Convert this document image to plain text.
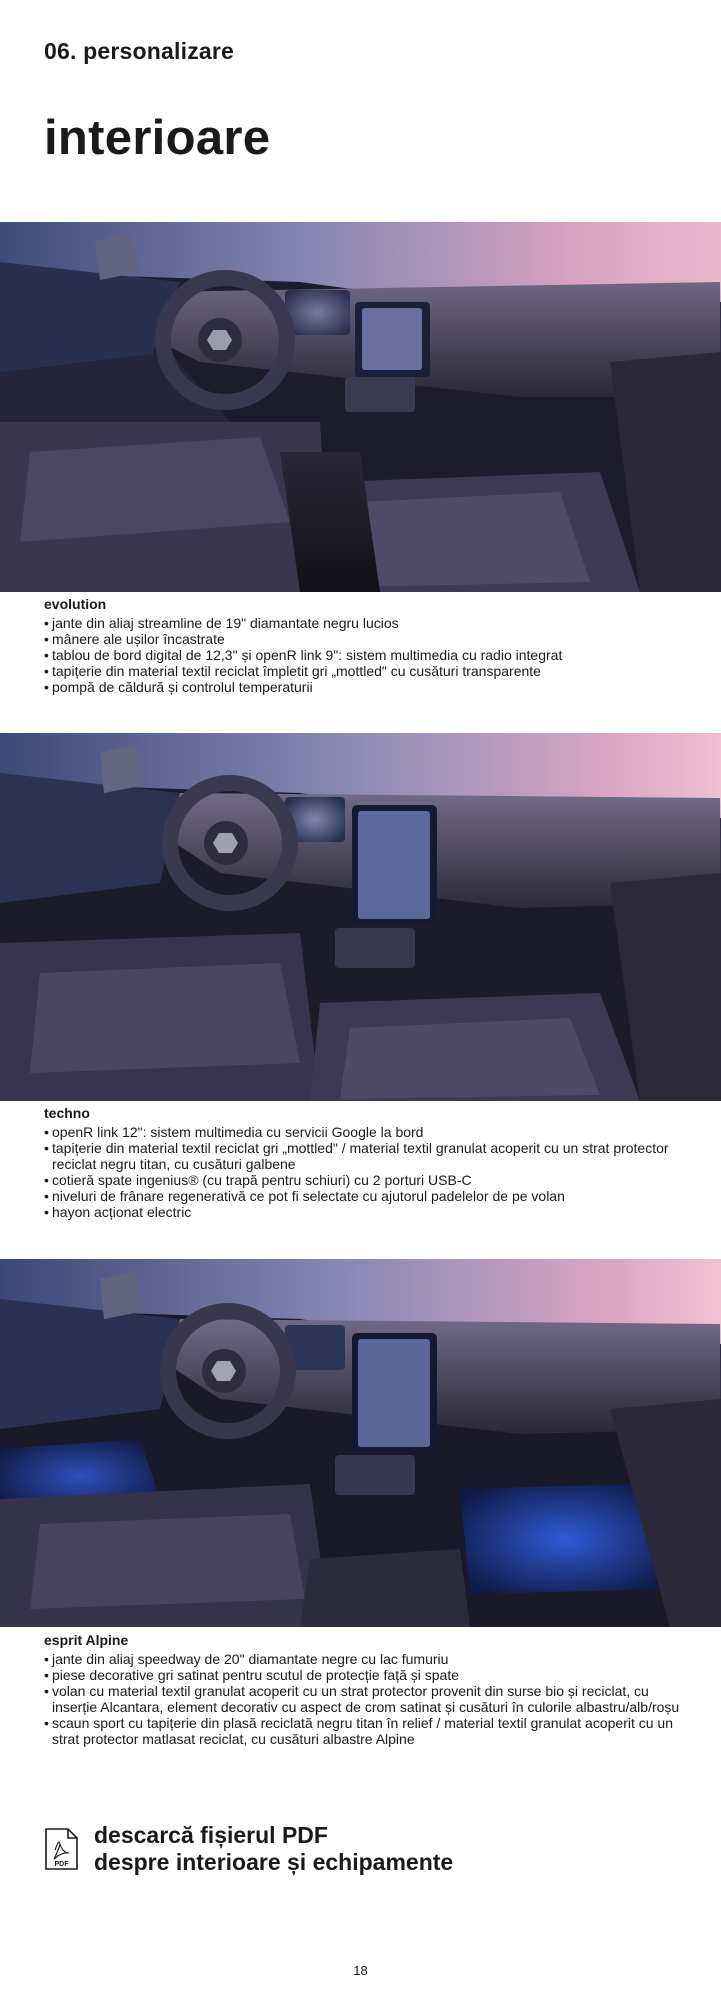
06. personalizare
interioare
evolution
• jante din aliaj streamline de 19" diamantate negru lucios
• mânere ale ușilor încastrate
• tablou de bord digital de 12,3" și openR link 9": sistem multimedia cu radio integrat
• tapițerie din material textil reciclat împletit gri „mottled" cu cusături transparente
• pompă de căldură și controlul temperaturii
techno
• openR link 12": sistem multimedia cu servicii Google la bord
• tapițerie din material textil reciclat gri „mottled" / material textil granulat acoperit cu un strat protector reciclat negru titan, cu cusături galbene
• cotieră spate ingenius® (cu trapă pentru schiuri) cu 2 porturi USB-C
• niveluri de frânare regenerativă ce pot fi selectate cu ajutorul padelelor de pe volan
• hayon acționat electric
esprit Alpine
• jante din aliaj speedway de 20" diamantate negre cu lac fumuriu
• piese decorative gri satinat pentru scutul de protecție față și spate
• volan cu material textil granulat acoperit cu un strat protector provenit din surse bio și reciclat, cu inserție Alcantara, element decorativ cu aspect de crom satinat și cusături în culorile albastru/alb/roșu
• scaun sport cu tapițerie din plasă reciclată negru titan în relief / material textil granulat acoperit cu un strat protector matlasat reciclat, cu cusături albastre Alpine
PDF
descarcă fișierul PDF
despre interioare și echipamente
18
